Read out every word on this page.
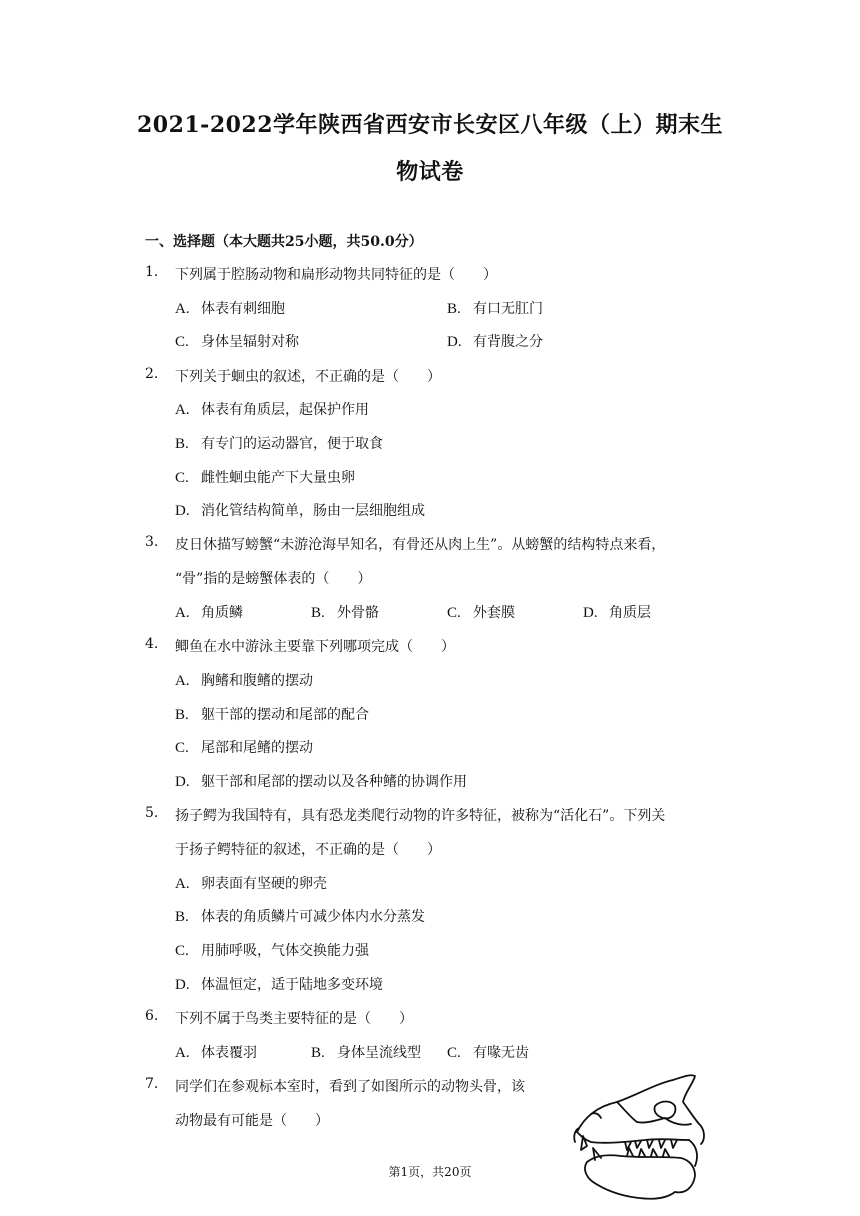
2021-2022学年陕西省西安市长安区八年级（上）期末生
物试卷
一、选择题（本大题共25小题，共50.0分）
1. 下列属于腔肠动物和扁形动物共同特征的是（　　）
A. 体表有刺细胞	B. 有口无肛门
C. 身体呈辐射对称	D. 有背腹之分
2. 下列关于蛔虫的叙述，不正确的是（　　）
A. 体表有角质层，起保护作用
B. 有专门的运动器官，便于取食
C. 雌性蛔虫能产下大量虫卵
D. 消化管结构简单，肠由一层细胞组成
3. 皮日休描写螃蟹“未游沧海早知名，有骨还从肉上生”。从螃蟹的结构特点来看，
“骨”指的是螃蟹体表的（　　）
A. 角质鳞	B. 外骨骼	C. 外套膜	D. 角质层
4. 鲫鱼在水中游泳主要靠下列哪项完成（　　）
A. 胸鳍和腹鳍的摆动
B. 躯干部的摆动和尾部的配合
C. 尾部和尾鳍的摆动
D. 躯干部和尾部的摆动以及各种鳍的协调作用
5. 扬子鳄为我国特有，具有恐龙类爬行动物的许多特征，被称为“活化石”。下列关
于扬子鳄特征的叙述，不正确的是（　　）
A. 卵表面有坚硬的卵壳
B. 体表的角质鳞片可减少体内水分蒸发
C. 用肺呼吸，气体交换能力强
D. 体温恒定，适于陆地多变环境
6. 下列不属于鸟类主要特征的是（　　）
A. 体表覆羽	B. 身体呈流线型 C. 有喙无齿
7. 同学们在参观标本室时，看到了如图所示的动物头骨，该
动物最有可能是（　　）
第1页，共20页
